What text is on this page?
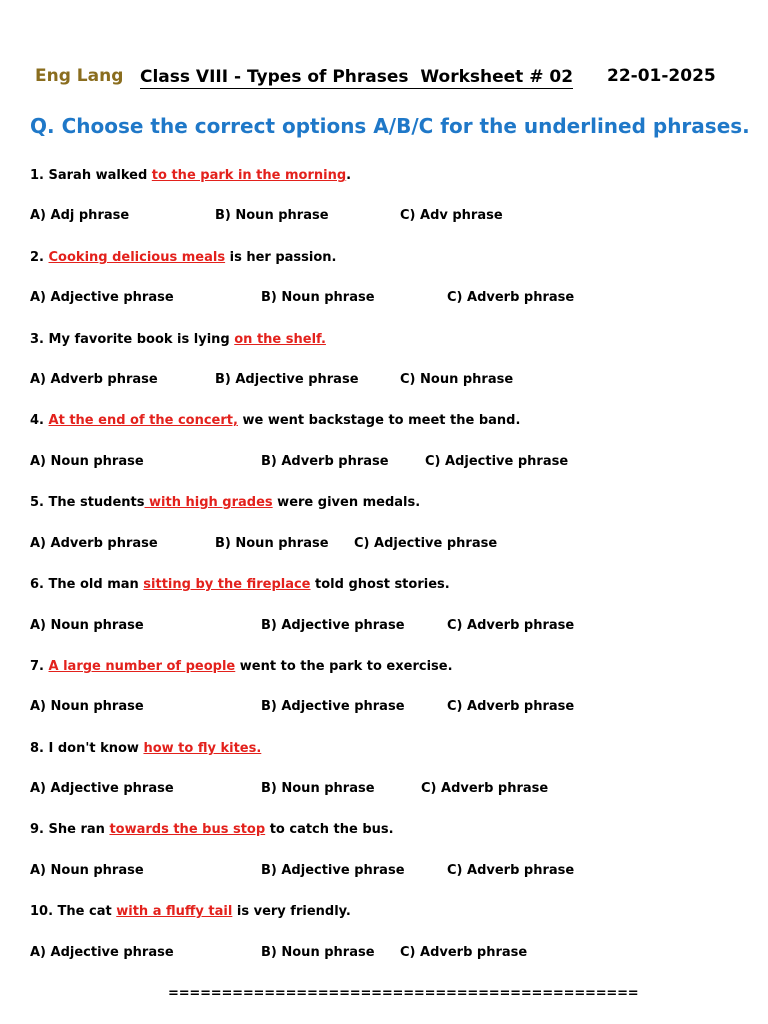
Eng Lang Class VIII - Types of Phrases  Worksheet # 02 22-01-2025
Q. Choose the correct options A/B/C for the underlined phrases.
1. Sarah walked to the park in the morning.
A) Adj phrase	B) Noun phrase	C) Adv phrase
2. Cooking delicious meals is her passion.
A) Adjective phrase	B) Noun phrase	C) Adverb phrase
3. My favorite book is lying on the shelf.
A) Adverb phrase	B) Adjective phrase	C) Noun phrase
4. At the end of the concert, we went backstage to meet the band.
A) Noun phrase	B) Adverb phrase	C) Adjective phrase
5. The students with high grades were given medals.
A) Adverb phrase	B) Noun phrase C) Adjective phrase
6. The old man sitting by the fireplace told ghost stories.
A) Noun phrase	B) Adjective phrase	C) Adverb phrase
7. A large number of people went to the park to exercise.
A) Noun phrase	B) Adjective phrase	C) Adverb phrase
8. I don't know how to fly kites.
A) Adjective phrase	B) Noun phrase	C) Adverb phrase
9. She ran towards the bus stop to catch the bus.
A) Noun phrase	B) Adjective phrase	C) Adverb phrase
10. The cat with a fluffy tail is very friendly.
A) Adjective phrase	B) Noun phrase C) Adverb phrase
============================================
